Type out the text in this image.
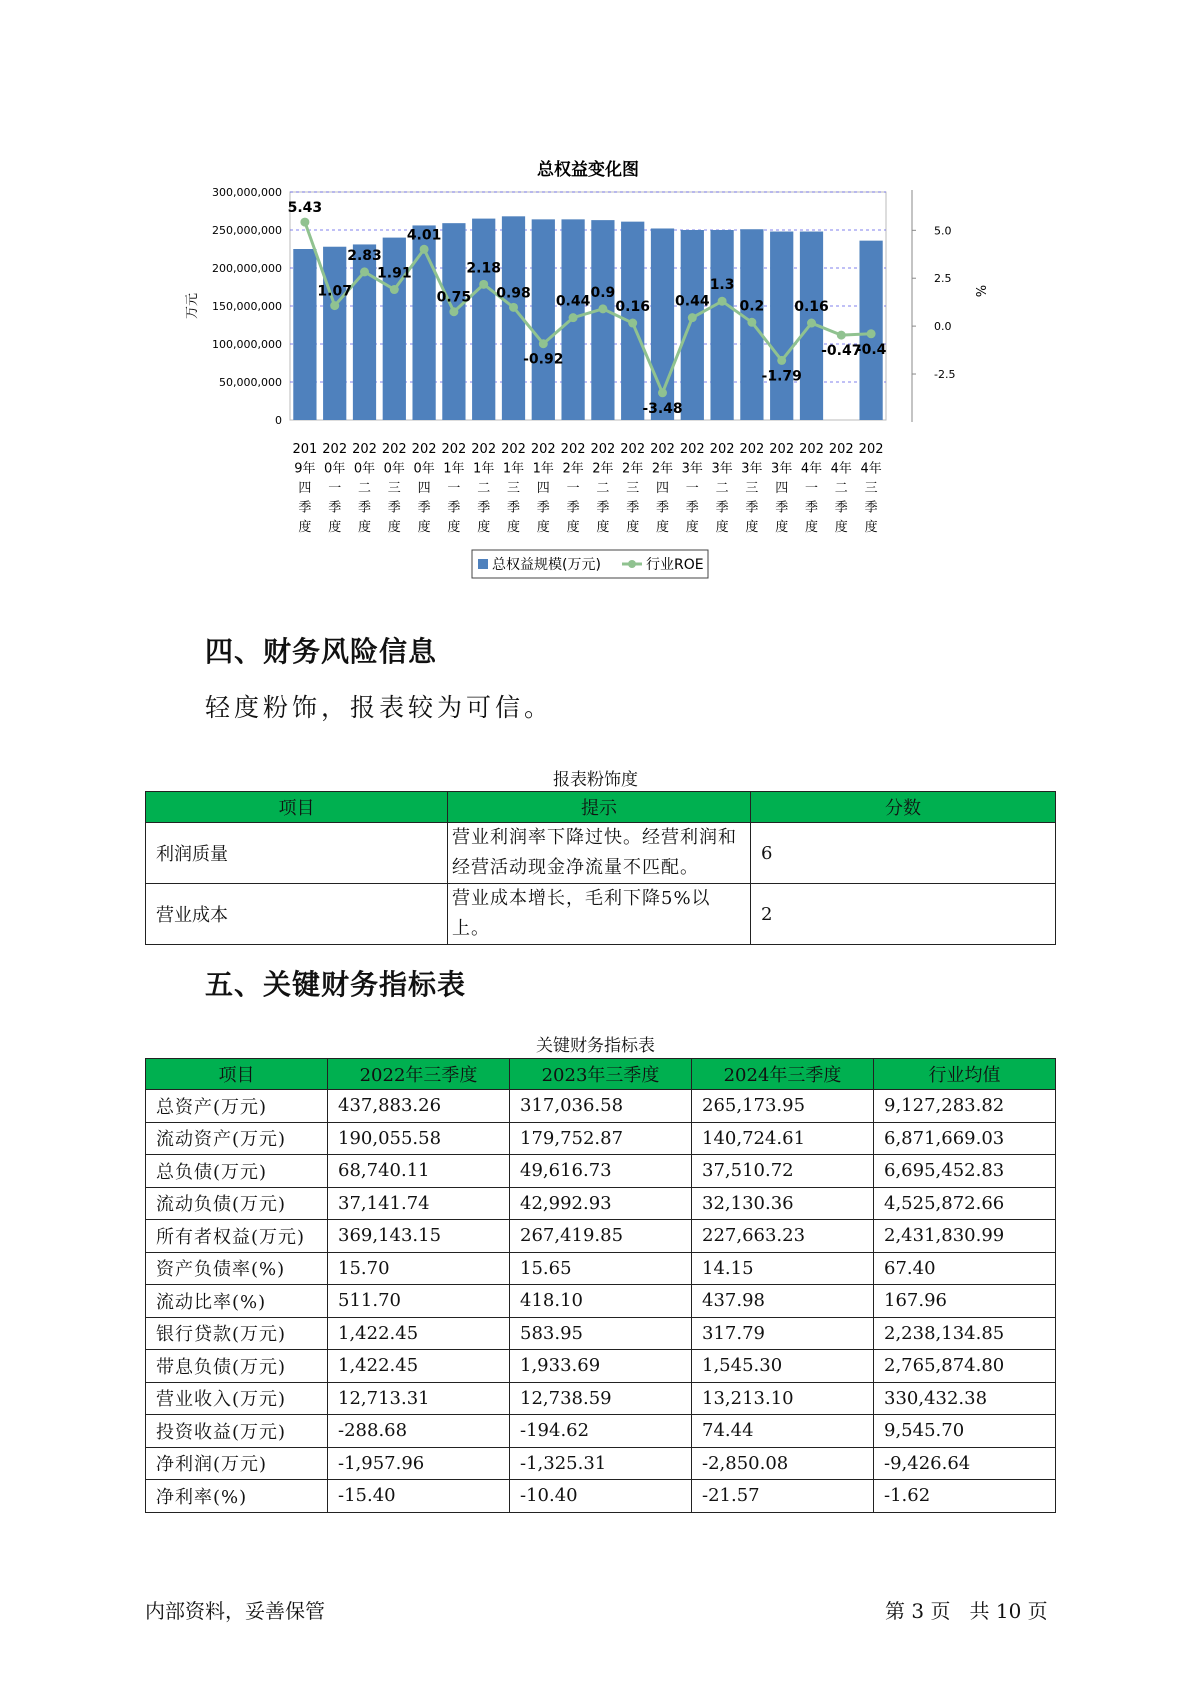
总权益变化图
0
50,000,000
100,000,000
150,000,000
200,000,000
250,000,000
300,000,000
万元
5.0
2.5
0.0
-2.5
%
5.43
1.07
2.83
1.91
4.01
0.75
2.18
0.98
-0.92
0.44
0.9
0.16
-3.48
0.44
1.3
0.2
-1.79
0.16
-0.47
-0.4
201
9年
四
季
度
202
0年
一
季
度
202
0年
二
季
度
202
0年
三
季
度
202
0年
四
季
度
202
1年
一
季
度
202
1年
二
季
度
202
1年
三
季
度
202
1年
四
季
度
202
2年
一
季
度
202
2年
二
季
度
202
2年
三
季
度
202
2年
四
季
度
202
3年
一
季
度
202
3年
二
季
度
202
3年
三
季
度
202
3年
四
季
度
202
4年
一
季
度
202
4年
二
季
度
202
4年
三
季
度
总权益规模(万元)	行业ROE
四、财务风险信息
轻度粉饰，报表较为可信。
报表粉饰度
项目	提示	分数
利润质量	营业利润率下降过快。经营利润和经营活动现金净流量不匹配。	6
营业成本	营业成本增长，毛利下降5%以上。	2
五、关键财务指标表
关键财务指标表
项目	2022年三季度	2023年三季度	2024年三季度	行业均值
总资产(万元)	437,883.26	317,036.58	265,173.95	9,127,283.82
流动资产(万元)	190,055.58	179,752.87	140,724.61	6,871,669.03
总负债(万元)	68,740.11	49,616.73	37,510.72	6,695,452.83
流动负债(万元)	37,141.74	42,992.93	32,130.36	4,525,872.66
所有者权益(万元)	369,143.15	267,419.85	227,663.23	2,431,830.99
资产负债率(%)	15.70	15.65	14.15	67.40
流动比率(%)	511.70	418.10	437.98	167.96
银行贷款(万元)	1,422.45	583.95	317.79	2,238,134.85
带息负债(万元)	1,422.45	1,933.69	1,545.30	2,765,874.80
营业收入(万元)	12,713.31	12,738.59	13,213.10	330,432.38
投资收益(万元)	-288.68	-194.62	74.44	9,545.70
净利润(万元)	-1,957.96	-1,325.31	-2,850.08	-9,426.64
净利率(%)	-15.40	-10.40	-21.57	-1.62
内部资料，妥善保管	第 3 页   共 10 页
